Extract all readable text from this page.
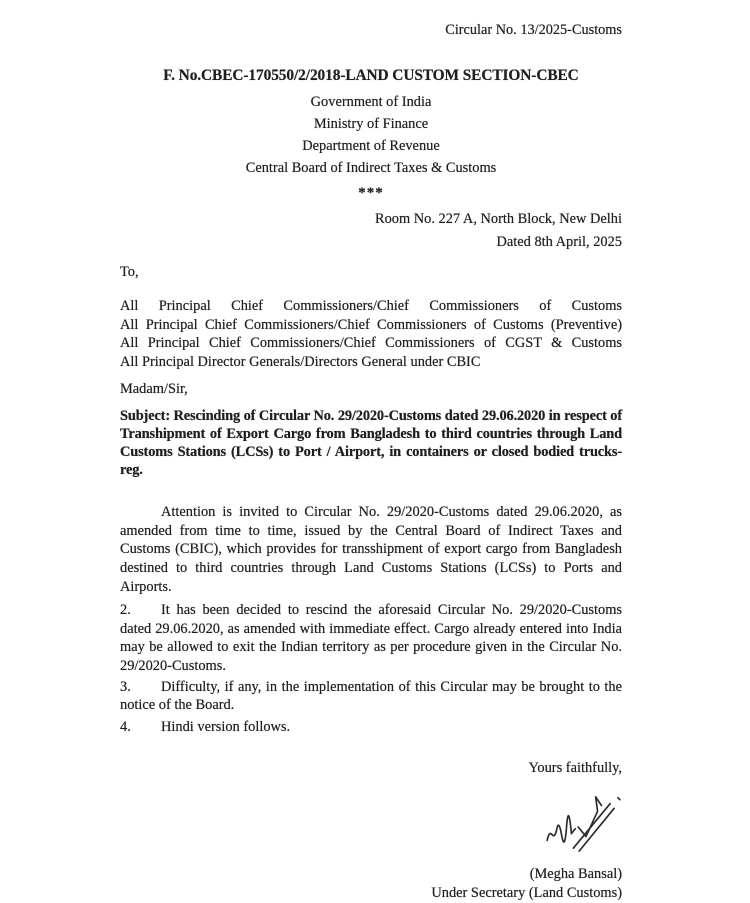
Circular No. 13/2025-Customs
F. No.CBEC-170550/2/2018-LAND CUSTOM SECTION-CBEC
Government of India
Ministry of Finance
Department of Revenue
Central Board of Indirect Taxes & Customs
***
Room No. 227 A, North Block, New Delhi
Dated 8th April, 2025
To,
All Principal Chief Commissioners/Chief Commissioners of Customs
All Principal Chief Commissioners/Chief Commissioners of Customs (Preventive)
All Principal Chief Commissioners/Chief Commissioners of CGST & Customs
All Principal Director Generals/Directors General under CBIC
Madam/Sir,
Subject: Rescinding of Circular No. 29/2020-Customs dated 29.06.2020 in respect of Transhipment of Export Cargo from Bangladesh to third countries through Land Customs Stations (LCSs) to Port / Airport, in containers or closed bodied trucks- reg.
Attention is invited to Circular No. 29/2020-Customs dated 29.06.2020, as amended from time to time, issued by the Central Board of Indirect Taxes and Customs (CBIC), which provides for transshipment of export cargo from Bangladesh destined to third countries through Land Customs Stations (LCSs) to Ports and Airports.
2. It has been decided to rescind the aforesaid Circular No. 29/2020-Customs dated 29.06.2020, as amended with immediate effect. Cargo already entered into India may be allowed to exit the Indian territory as per procedure given in the Circular No. 29/2020-Customs.
3. Difficulty, if any, in the implementation of this Circular may be brought to the notice of the Board.
4. Hindi version follows.
Yours faithfully,
(Megha Bansal)
Under Secretary (Land Customs)
